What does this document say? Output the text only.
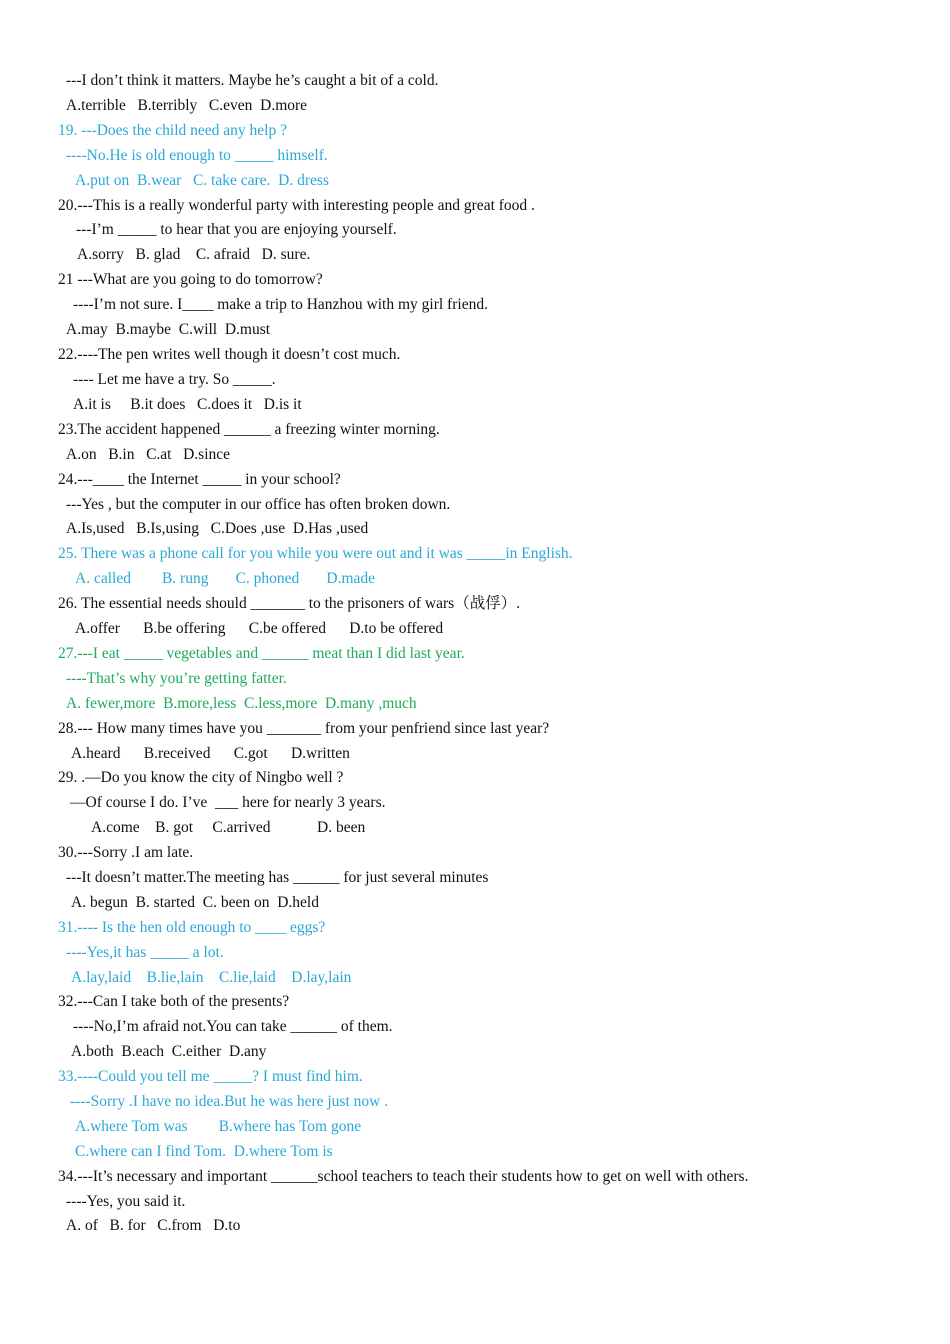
---I don’t think it matters. Maybe he’s caught a bit of a cold.
A.terrible   B.terribly   C.even  D.more
19. ---Does the child need any help ?
----No.He is old enough to _____ himself.
A.put on  B.wear   C. take care.  D. dress
20.---This is a really wonderful party with interesting people and great food .
---I’m _____ to hear that you are enjoying yourself.
A.sorry   B. glad    C. afraid   D. sure.
21 ---What are you going to do tomorrow?
----I’m not sure. I____ make a trip to Hanzhou with my girl friend.
A.may  B.maybe  C.will  D.must
22.----The pen writes well though it doesn’t cost much.
---- Let me have a try. So _____.
A.it is     B.it does   C.does it   D.is it
23.The accident happened ______ a freezing winter morning.
A.on   B.in   C.at   D.since
24.---____ the Internet _____ in your school?
---Yes , but the computer in our office has often broken down.
A.Is,used   B.Is,using   C.Does ,use  D.Has ,used
25. There was a phone call for you while you were out and it was _____in English.
A. called        B. rung       C. phoned       D.made
26. The essential needs should _______ to the prisoners of wars（战俘）.
A.offer      B.be offering      C.be offered      D.to be offered
27.---I eat _____ vegetables and ______ meat than I did last year.
----That’s why you’re getting fatter.
A. fewer,more  B.more,less  C.less,more  D.many ,much
28.--- How many times have you _______ from your penfriend since last year?
A.heard      B.received      C.got      D.written
29. .—Do you know the city of Ningbo well ?
—Of course I do. I’ve  ___ here for nearly 3 years.
A.come    B. got     C.arrived            D. been
30.---Sorry .I am late.
---It doesn’t matter.The meeting has ______ for just several minutes
A. begun  B. started  C. been on  D.held
31.---- Is the hen old enough to ____ eggs?
----Yes,it has _____ a lot.
A.lay,laid    B.lie,lain    C.lie,laid    D.lay,lain
32.---Can I take both of the presents?
----No,I’m afraid not.You can take ______ of them.
A.both  B.each  C.either  D.any
33.----Could you tell me _____? I must find him.
----Sorry .I have no idea.But he was here just now .
A.where Tom was        B.where has Tom gone
C.where can I find Tom.  D.where Tom is
34.---It’s necessary and important ______school teachers to teach their students how to get on well with others.
----Yes, you said it.
A. of   B. for   C.from   D.to
